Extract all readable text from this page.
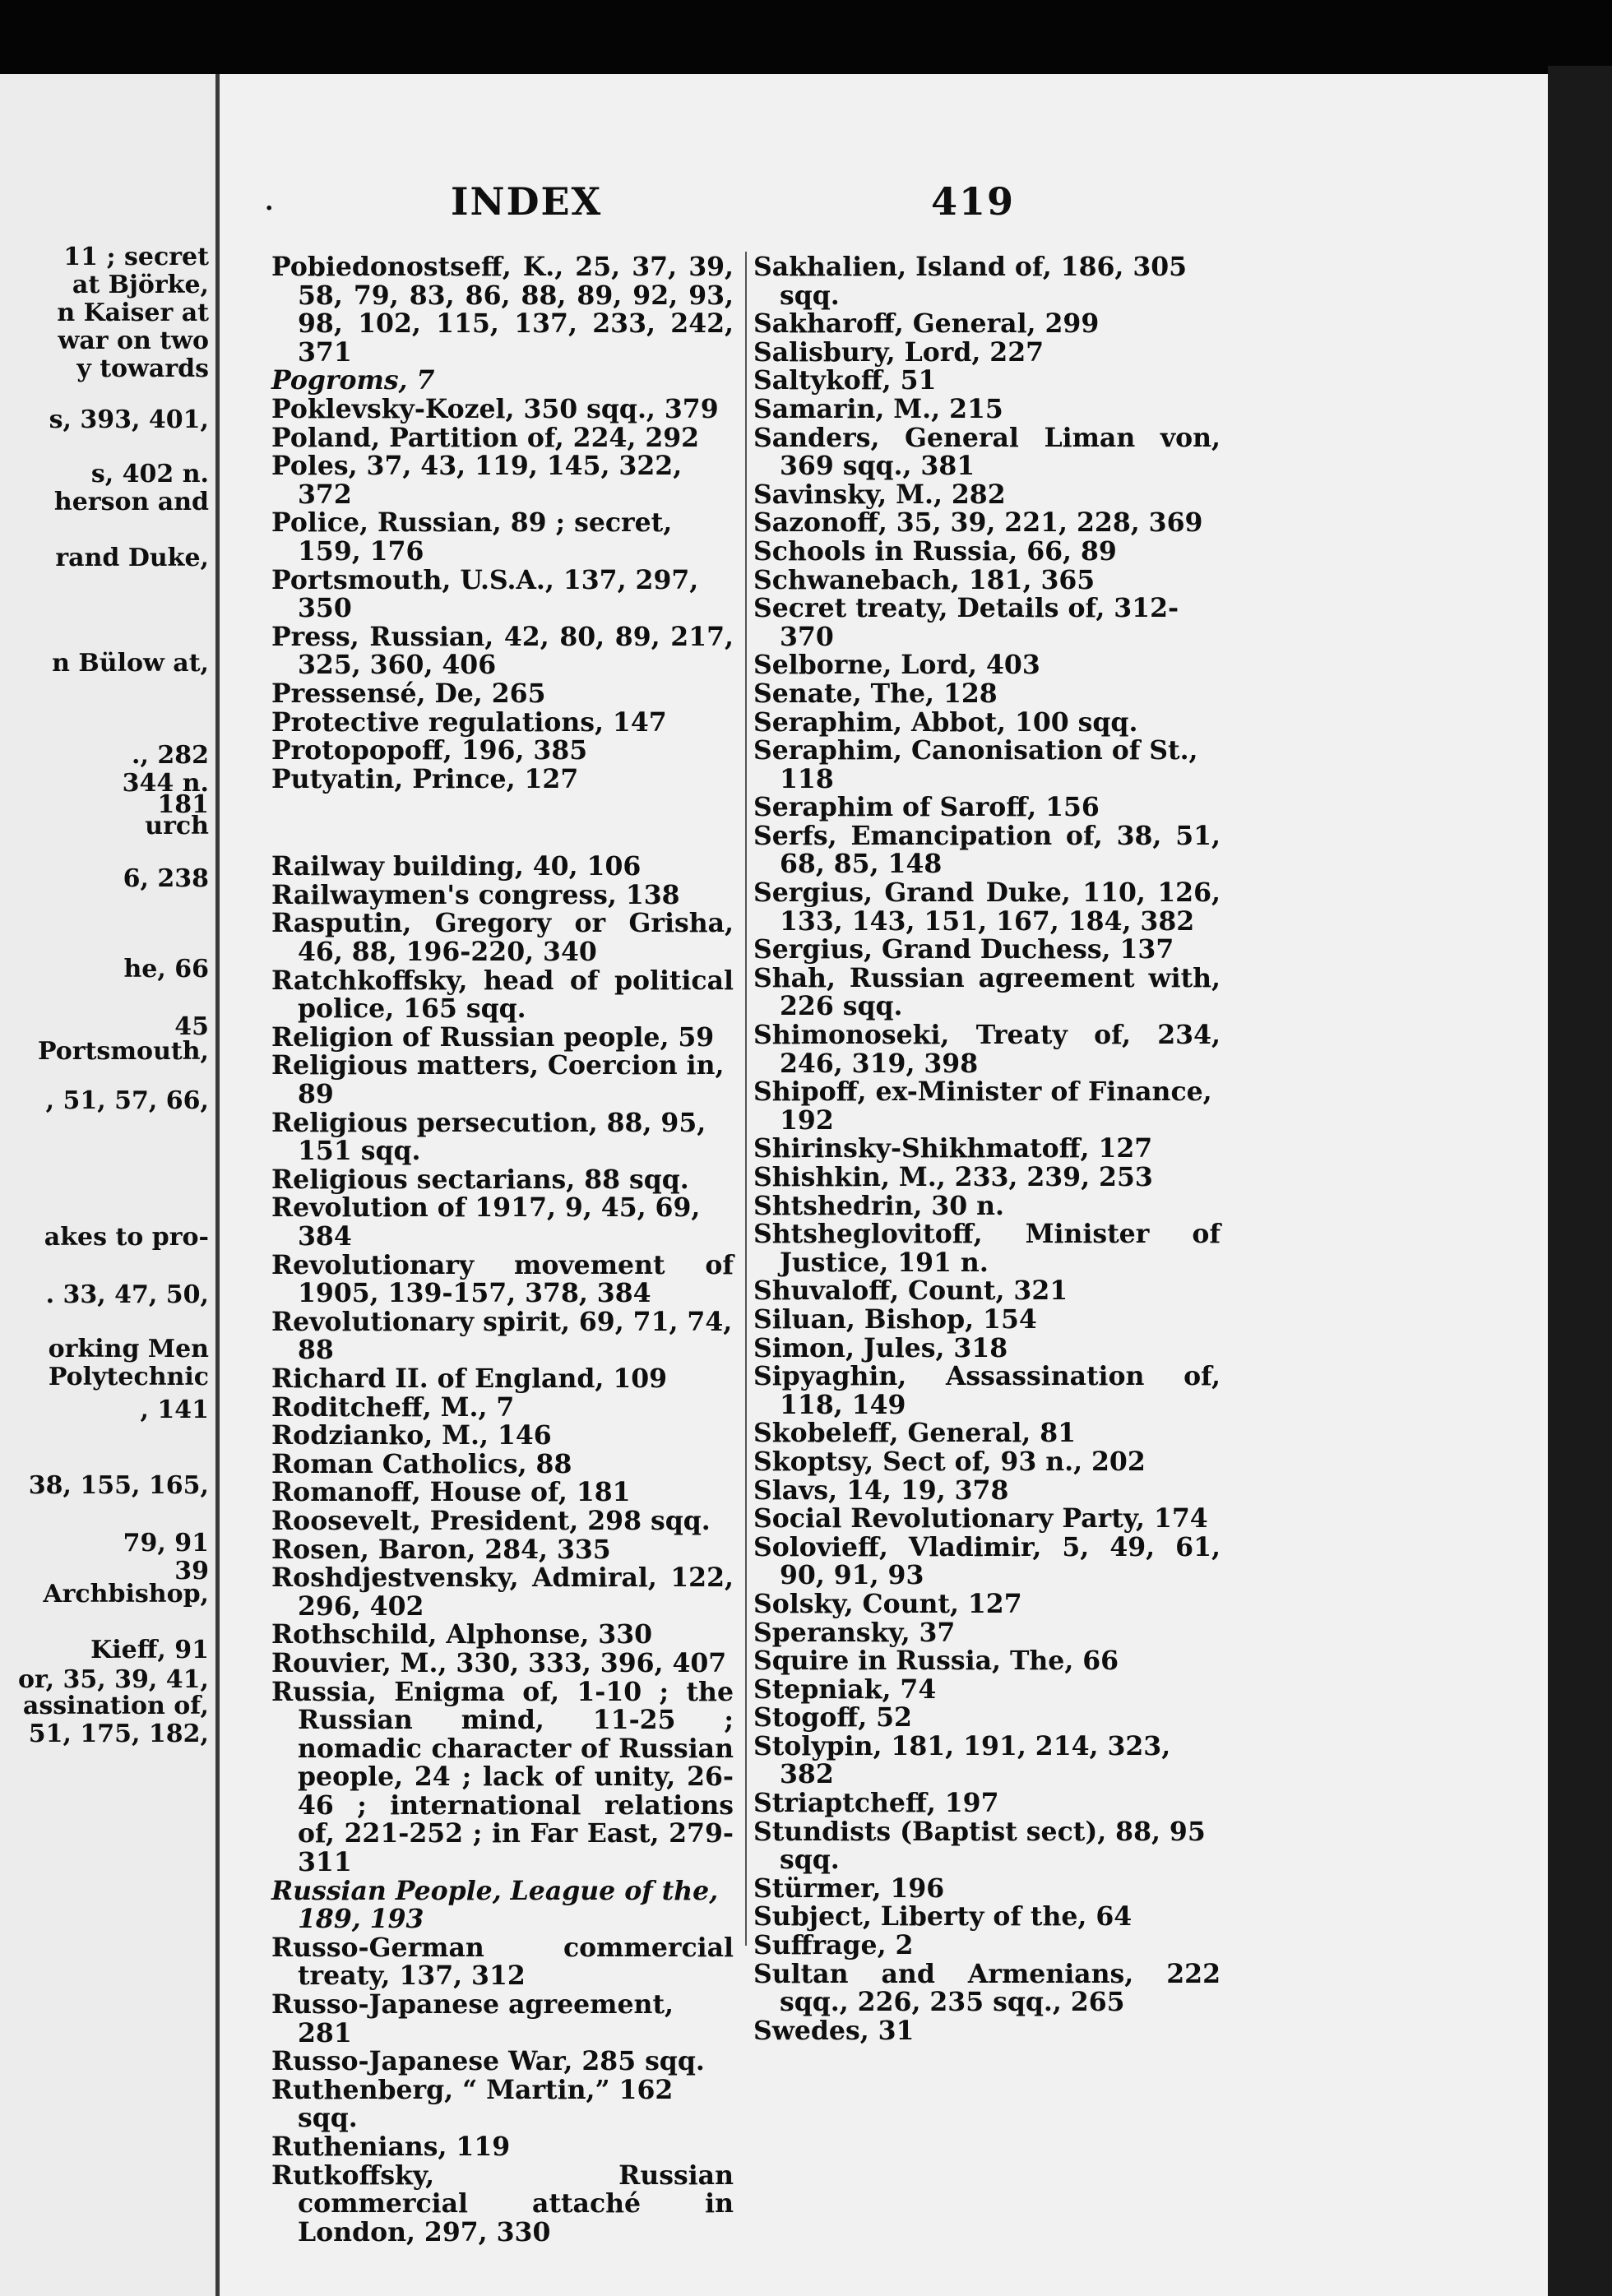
11 ; secret
at Björke,
n Kaiser at
war on two
y towards
s, 393, 401,
s, 402 n.
herson and
rand Duke,
n Bülow at,
., 282
344 n.
181
urch
6, 238
he, 66
45
Portsmouth,
, 51, 57, 66,
akes to pro-
. 33, 47, 50,
orking Men
Polytechnic
, 141
38, 155, 165,
79, 91
39
Archbishop,
Kieff, 91
or, 35, 39, 41,
assination of,
51, 175, 182,
.	INDEX	419

Pobiedonostseff, K., 25, 37, 39, 58, 79, 83, 86, 88, 89, 92, 93, 98, 102, 115, 137, 233, 242, 371

Pogroms, 7

Poklevsky-Kozel, 350 sqq., 379

Poland, Partition of, 224, 292

Poles, 37, 43, 119, 145, 322, 372

Police, Russian, 89 ; secret, 159, 176

Portsmouth, U.S.A., 137, 297, 350

Press, Russian, 42, 80, 89, 217, 325, 360, 406

Pressensé, De, 265

Protective regulations, 147

Protopopoff, 196, 385

Putyatin, Prince, 127

Railway building, 40, 106

Railwaymen's congress, 138

Rasputin, Gregory or Grisha, 46, 88, 196-220, 340

Ratchkoffsky, head of political police, 165 sqq.

Religion of Russian people, 59

Religious matters, Coercion in, 89

Religious persecution, 88, 95, 151 sqq.

Religious sectarians, 88 sqq.

Revolution of 1917, 9, 45, 69, 384

Revolutionary movement of 1905, 139-157, 378, 384

Revolutionary spirit, 69, 71, 74, 88

Richard II. of England, 109

Roditcheff, M., 7

Rodzianko, M., 146

Roman Catholics, 88

Romanoff, House of, 181

Roosevelt, President, 298 sqq.

Rosen, Baron, 284, 335

Roshdjestvensky, Admiral, 122, 296, 402

Rothschild, Alphonse, 330

Rouvier, M., 330, 333, 396, 407

Russia, Enigma of, 1-10 ; the Russian mind, 11-25 ; nomadic character of Russian people, 24 ; lack of unity, 26-46 ; international relations of, 221-252 ; in Far East, 279-311

Russian People, League of the, 189, 193

Russo-German commercial treaty, 137, 312

Russo-Japanese agreement, 281

Russo-Japanese War, 285 sqq.

Ruthenberg, “ Martin,” 162 sqq.

Ruthenians, 119

Rutkoffsky, Russian commercial attaché in London, 297, 330

Sakhalien, Island of, 186, 305 sqq.

Sakharoff, General, 299

Salisbury, Lord, 227

Saltykoff, 51

Samarin, M., 215

Sanders, General Liman von, 369 sqq., 381

Savinsky, M., 282

Sazonoff, 35, 39, 221, 228, 369

Schools in Russia, 66, 89

Schwanebach, 181, 365

Secret treaty, Details of, 312-370

Selborne, Lord, 403

Senate, The, 128

Seraphim, Abbot, 100 sqq.

Seraphim, Canonisation of St., 118

Seraphim of Saroff, 156

Serfs, Emancipation of, 38, 51, 68, 85, 148

Sergius, Grand Duke, 110, 126, 133, 143, 151, 167, 184, 382

Sergius, Grand Duchess, 137

Shah, Russian agreement with, 226 sqq.

Shimonoseki, Treaty of, 234, 246, 319, 398

Shipoff, ex-Minister of Finance, 192

Shirinsky-Shikhmatoff, 127

Shishkin, M., 233, 239, 253

Shtshedrin, 30 n.

Shtsheglovitoff, Minister of Justice, 191 n.

Shuvaloff, Count, 321

Siluan, Bishop, 154

Simon, Jules, 318

Sipyaghin, Assassination of, 118, 149

Skobeleff, General, 81

Skoptsy, Sect of, 93 n., 202

Slavs, 14, 19, 378

Social Revolutionary Party, 174

Solovieff, Vladimir, 5, 49, 61, 90, 91, 93

Solsky, Count, 127

Speransky, 37

Squire in Russia, The, 66

Stepniak, 74

Stogoff, 52

Stolypin, 181, 191, 214, 323, 382

Striaptcheff, 197

Stundists (Baptist sect), 88, 95 sqq.

Stürmer, 196

Subject, Liberty of the, 64

Suffrage, 2

Sultan and Armenians, 222 sqq., 226, 235 sqq., 265

Swedes, 31
